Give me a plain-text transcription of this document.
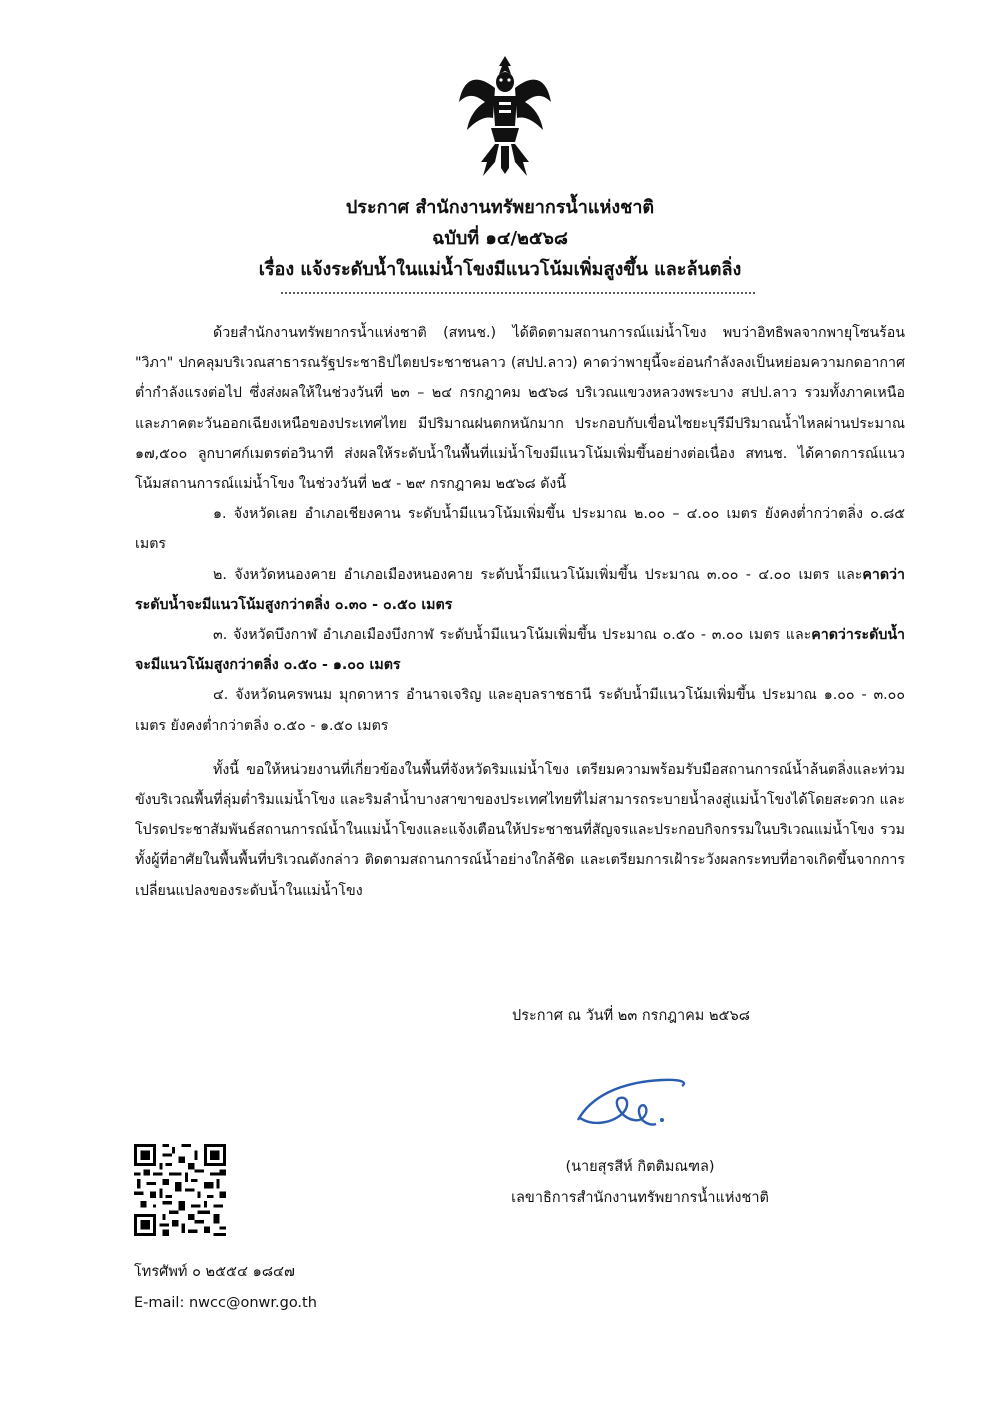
ประกาศ สำนักงานทรัพยากรน้ำแห่งชาติ
ฉบับที่ ๑๔/๒๕๖๘
เรื่อง แจ้งระดับน้ำในแม่น้ำโขงมีแนวโน้มเพิ่มสูงขึ้น และล้นตลิ่ง

ด้วยสำนักงานทรัพยากรน้ำแห่งชาติ (สทนช.) ได้ติดตามสถานการณ์แม่น้ำโขง พบว่าอิทธิพลจากพายุโซนร้อน "วิภา" ปกคลุมบริเวณสาธารณรัฐประชาธิปไตยประชาชนลาว (สปป.ลาว) คาดว่าพายุนี้จะอ่อนกำลังลงเป็นหย่อมความกดอากาศต่ำกำลังแรงต่อไป ซึ่งส่งผลให้ในช่วงวันที่ ๒๓ – ๒๔ กรกฎาคม ๒๕๖๘ บริเวณแขวงหลวงพระบาง สปป.ลาว รวมทั้งภาคเหนือ และภาคตะวันออกเฉียงเหนือของประเทศไทย มีปริมาณฝนตกหนักมาก ประกอบกับเขื่อนไซยะบุรีมีปริมาณน้ำไหลผ่านประมาณ ๑๗,๕๐๐ ลูกบาศก์เมตรต่อวินาที ส่งผลให้ระดับน้ำในพื้นที่แม่น้ำโขงมีแนวโน้มเพิ่มขึ้นอย่างต่อเนื่อง สทนช. ได้คาดการณ์แนวโน้มสถานการณ์แม่น้ำโขง ในช่วงวันที่ ๒๕ - ๒๙ กรกฎาคม ๒๕๖๘ ดังนี้

๑. จังหวัดเลย อำเภอเชียงคาน ระดับน้ำมีแนวโน้มเพิ่มขึ้น ประมาณ ๒.๐๐ – ๔.๐๐ เมตร ยังคงต่ำกว่าตลิ่ง ๐.๘๕ เมตร

๒. จังหวัดหนองคาย อำเภอเมืองหนองคาย ระดับน้ำมีแนวโน้มเพิ่มขึ้น ประมาณ ๓.๐๐ - ๔.๐๐ เมตร และคาดว่าระดับน้ำจะมีแนวโน้มสูงกว่าตลิ่ง ๐.๓๐ - ๐.๕๐ เมตร

๓. จังหวัดบึงกาฬ อำเภอเมืองบึงกาฬ ระดับน้ำมีแนวโน้มเพิ่มขึ้น ประมาณ ๐.๕๐ - ๓.๐๐ เมตร และคาดว่าระดับน้ำจะมีแนวโน้มสูงกว่าตลิ่ง ๐.๕๐ - ๑.๐๐ เมตร

๔. จังหวัดนครพนม มุกดาหาร อำนาจเจริญ และอุบลราชธานี ระดับน้ำมีแนวโน้มเพิ่มขึ้น ประมาณ ๑.๐๐ - ๓.๐๐ เมตร ยังคงต่ำกว่าตลิ่ง ๐.๕๐ - ๑.๕๐ เมตร

ทั้งนี้ ขอให้หน่วยงานที่เกี่ยวข้องในพื้นที่จังหวัดริมแม่น้ำโขง เตรียมความพร้อมรับมือสถานการณ์น้ำล้นตลิ่งและท่วมขังบริเวณพื้นที่ลุ่มต่ำริมแม่น้ำโขง และริมลำน้ำบางสาขาของประเทศไทยที่ไม่สามารถระบายน้ำลงสู่แม่น้ำโขงได้โดยสะดวก และโปรดประชาสัมพันธ์สถานการณ์น้ำในแม่น้ำโขงและแจ้งเตือนให้ประชาชนที่สัญจรและประกอบกิจกรรมในบริเวณแม่น้ำโขง รวมทั้งผู้ที่อาศัยในพื้นพื้นที่บริเวณดังกล่าว ติดตามสถานการณ์น้ำอย่างใกล้ชิด และเตรียมการเฝ้าระวังผลกระทบที่อาจเกิดขึ้นจากการเปลี่ยนแปลงของระดับน้ำในแม่น้ำโขง

ประกาศ ณ วันที่ ๒๓ กรกฎาคม ๒๕๖๘
(นายสุรสีห์ กิตติมณฑล)
เลขาธิการสำนักงานทรัพยากรน้ำแห่งชาติ
โทรศัพท์ ๐ ๒๕๕๔ ๑๘๔๗
E-mail: nwcc@onwr.go.th
